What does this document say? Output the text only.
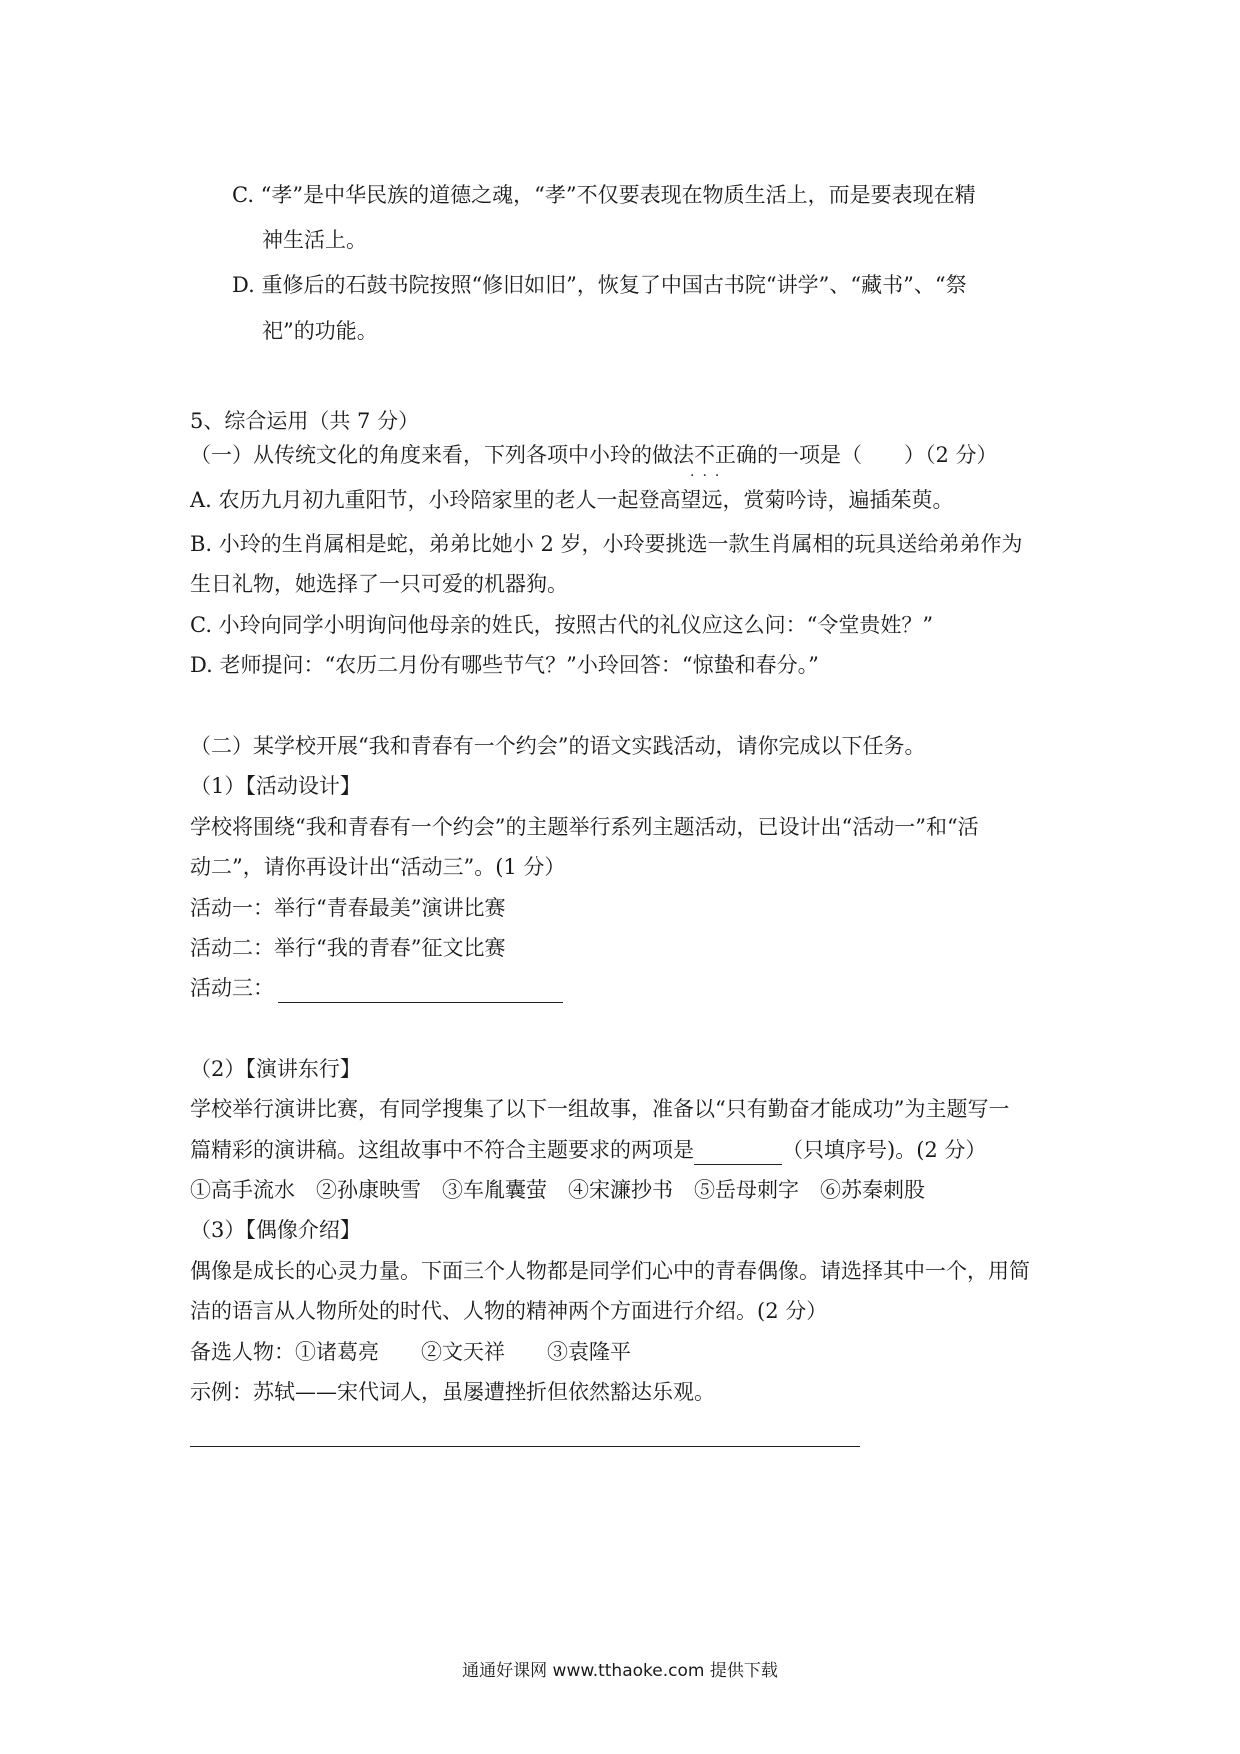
C. “孝”是中华民族的道德之魂，“孝”不仅要表现在物质生活上，而是要表现在精
神生活上。
D. 重修后的石鼓书院按照“修旧如旧”，恢复了中国古书院“讲学”、“藏书”、“祭
祀”的功能。
5、综合运用（共 7 分）
（一）从传统文化的角度来看，下列各项中小玲的做法不正确的一项是（　　）（2 分）
···
A. 农历九月初九重阳节，小玲陪家里的老人一起登高望远，赏菊吟诗，遍插茱萸。
B. 小玲的生肖属相是蛇，弟弟比她小 2 岁，小玲要挑选一款生肖属相的玩具送给弟弟作为
生日礼物，她选择了一只可爱的机器狗。
C. 小玲向同学小明询问他母亲的姓氏，按照古代的礼仪应这么问：“令堂贵姓？”
D. 老师提问：“农历二月份有哪些节气？”小玲回答：“惊蛰和春分。”
（二）某学校开展“我和青春有一个约会”的语文实践活动，请你完成以下任务。
（1）【活动设计】
学校将围绕“我和青春有一个约会”的主题举行系列主题活动，已设计出“活动一”和“活
动二”，请你再设计出“活动三”。(1 分）
活动一：举行“青春最美”演讲比赛
活动二：举行“我的青春”征文比赛
活动三：
（2）【演讲东行】
学校举行演讲比赛，有同学搜集了以下一组故事，准备以“只有勤奋才能成功”为主题写一
篇精彩的演讲稿。这组故事中不符合主题要求的两项是	（只填序号)。(2 分）
①高手流水　②孙康映雪　③车胤囊萤　④宋濂抄书　⑤岳母刺字　⑥苏秦刺股
（3）【偶像介绍】
偶像是成长的心灵力量。下面三个人物都是同学们心中的青春偶像。请选择其中一个，用简
洁的语言从人物所处的时代、人物的精神两个方面进行介绍。(2 分）
备选人物：①诸葛亮　　②文天祥　　③袁隆平
示例：苏轼——宋代词人，虽屡遭挫折但依然豁达乐观。
通通好课网 www.tthaoke.com 提供下载
